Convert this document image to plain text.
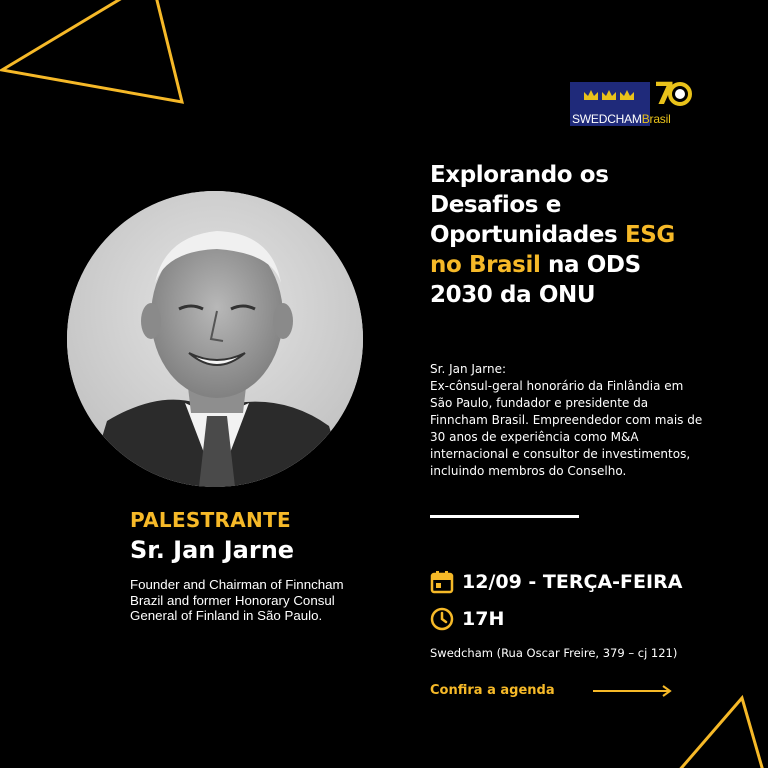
SWEDCHAMBrasil
7
PALESTRANTE
Sr. Jan Jarne
Founder and Chairman of Finncham Brazil and former Honorary Consul General of Finland in São Paulo.
Explorando os
Desafios e
Oportunidades ESG
no Brasil na ODS
2030 da ONU
Sr. Jan Jarne:
Ex-cônsul-geral honorário da Finlândia em
São Paulo, fundador e presidente da
Finncham Brasil. Empreendedor com mais de
30 anos de experiência como M&A
internacional e consultor de investimentos,
incluindo membros do Conselho.
12/09 - TERÇA-FEIRA
17H
Swedcham (Rua Oscar Freire, 379 – cj 121)
Confira a agenda
